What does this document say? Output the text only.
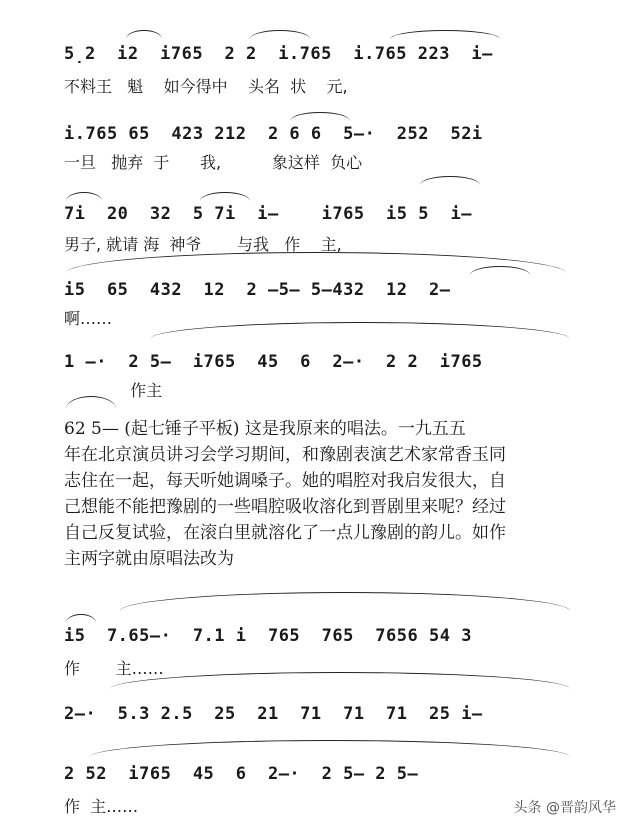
5̣2  i2  i765  2 2  i.765  i.765 223  i—
不料王   魁    如今得中    头名  状    元,
i.765 65  423 212  2 6 6  5—·  252  52i
一旦   抛弃  于      我,          象这样  负心
7i  20  32  5 7i  i—    i765  i5 5  i—
男子, 就请 海  神爷       与我   作    主,
i5  65  432  12  2 —5— 5—432  12  2—
啊……
1 —·  2 5—  i765  45  6  2—·  2 2  i765
作主

62 5— (起七锤子平板) 这是我原来的唱法。一九五五

年在北京演员讲习会学习期间，和豫剧表演艺术家常香玉同

志住在一起，每天听她调嗓子。她的唱腔对我启发很大，自

己想能不能把豫剧的一些唱腔吸收溶化到晋剧里来呢？经过

自己反复试验，在滚白里就溶化了一点儿豫剧的韵儿。如作

主两字就由原唱法改为

i5  7.65—·  7.1 i  765  765  7656 54 3
作       主……
2—·  5.3 2.5  25  21  71  71  71  25 i—
2 52  i765  45  6  2—·  2 5— 2 5—
作  主……	头条 @晋韵风华
